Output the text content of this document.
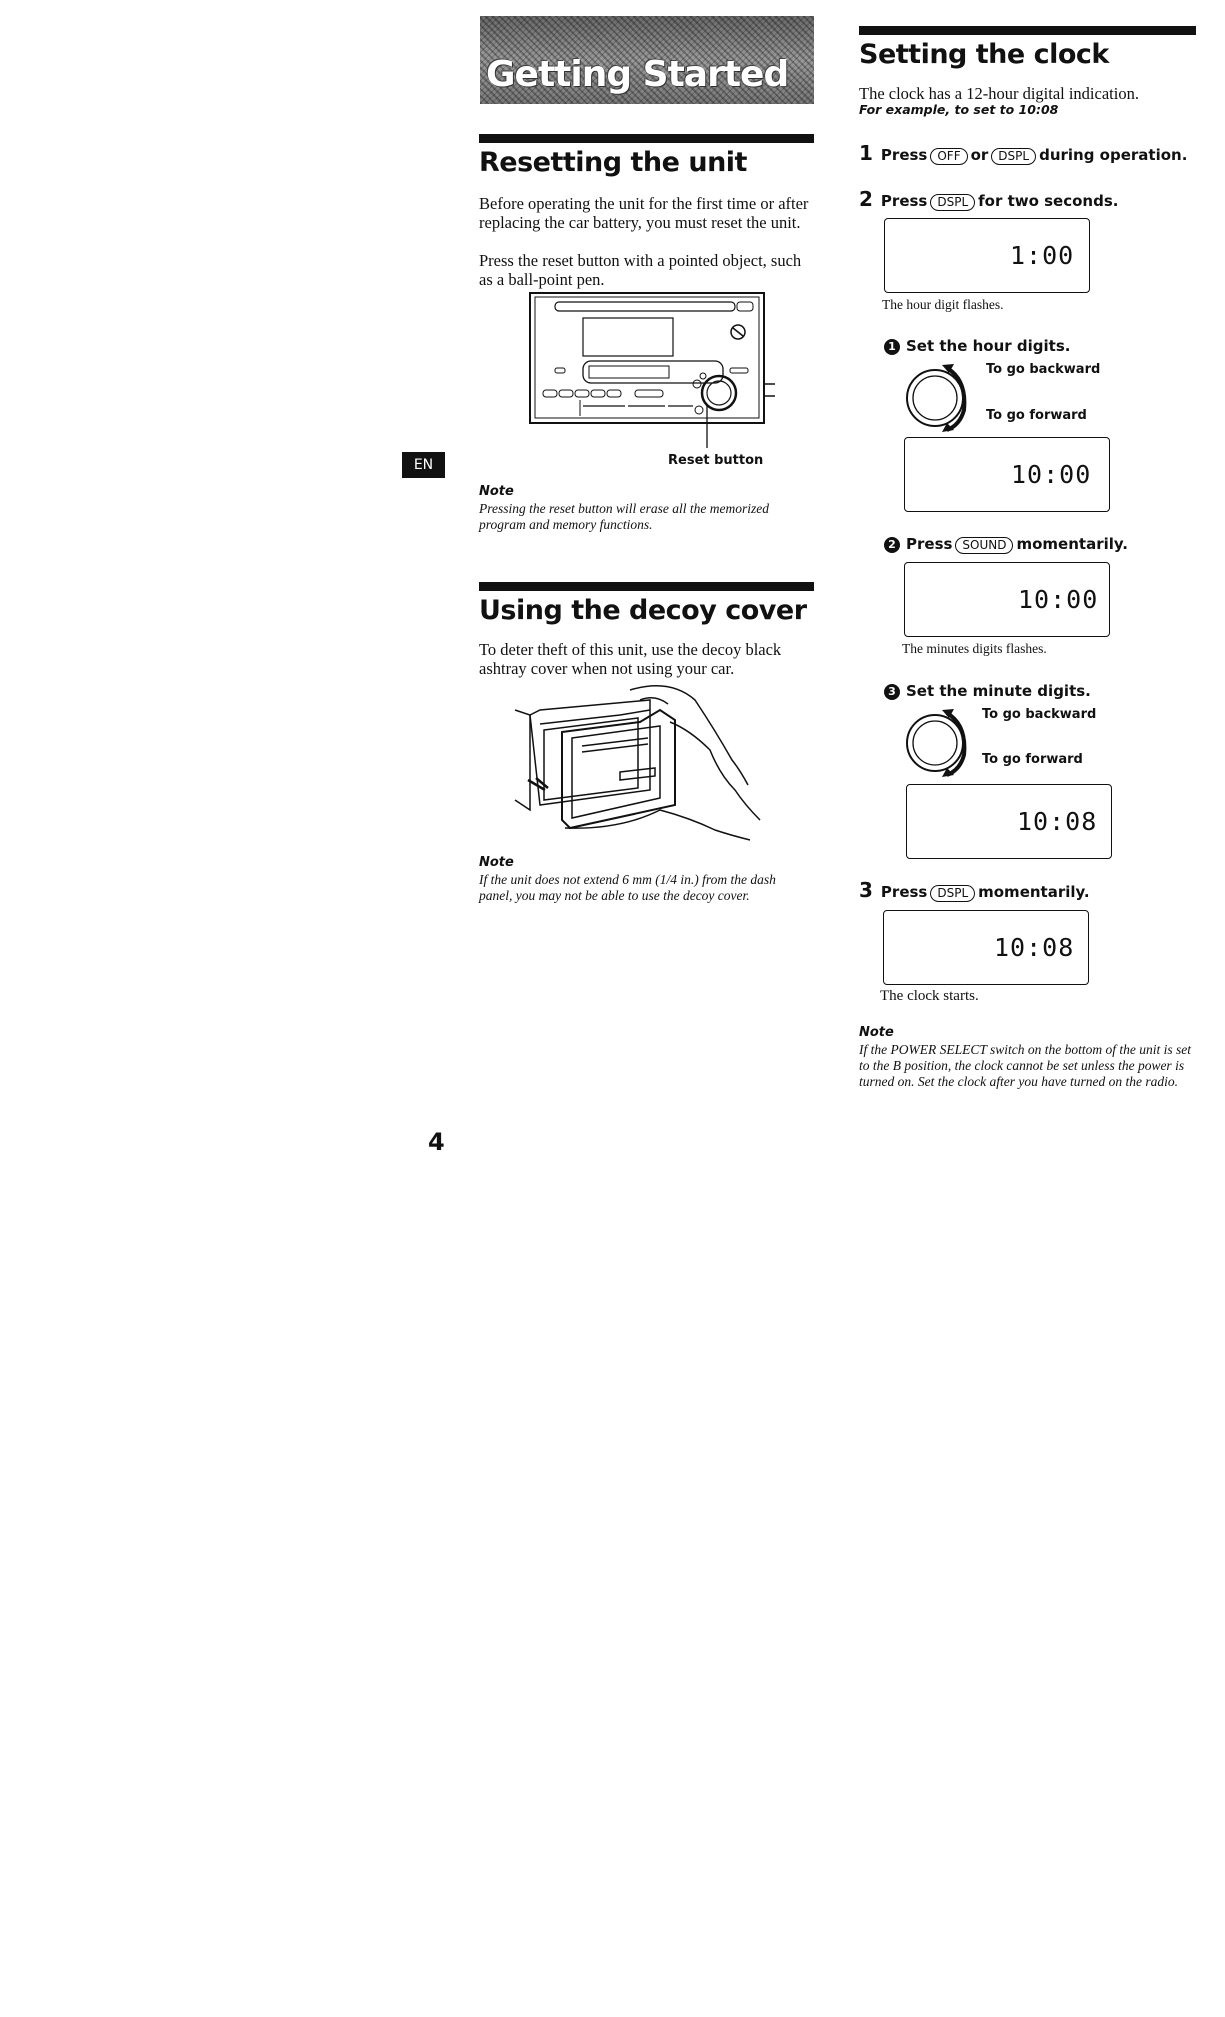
Getting Started
EN
Resetting the unit
Before operating the unit for the first time or after replacing the car battery, you must reset the unit.
Press the reset button with a pointed object, such as a ball-point pen.
Reset button
Note
Pressing the reset button will erase all the memorized program and memory functions.
Using the decoy cover
To deter theft of this unit, use the decoy black ashtray cover when not using your car.
Note
If the unit does not extend 6 mm (1/4 in.) from the dash panel, you may not be able to use the decoy cover.
4
Setting the clock
The clock has a 12-hour digital indication.
For example, to set to 10:08
1 Press OFF or DSPL during operation.
2 Press DSPL for two seconds.
1:00
The hour digit flashes.
1 Set the hour digits.
To go backward
To go forward
10:00
2 Press SOUND momentarily.
10:00
The minutes digits flashes.
3 Set the minute digits.
To go backward
To go forward
10:08
3 Press DSPL momentarily.
10:08
The clock starts.
Note
If the POWER SELECT switch on the bottom of the unit is set to the B position, the clock cannot be set unless the power is turned on. Set the clock after you have turned on the radio.
